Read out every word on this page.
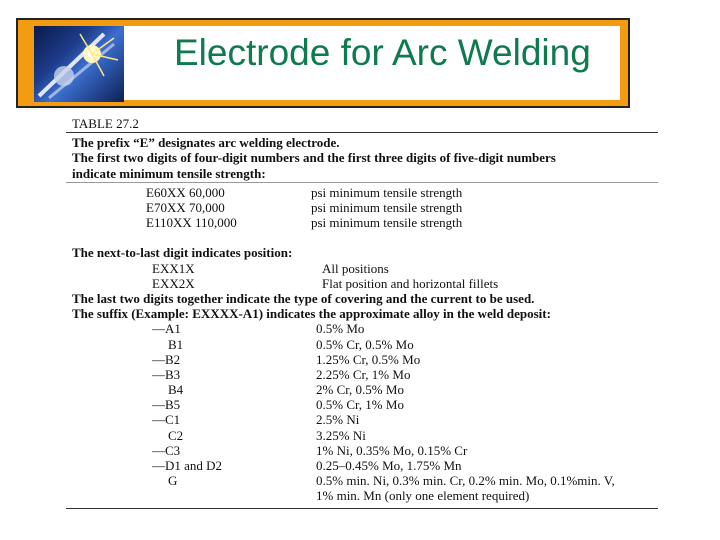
Electrode for Arc Welding
TABLE 27.2
The prefix “E” designates arc welding electrode.
The first two digits of four-digit numbers and the first three digits of five-digit numbers
indicate minimum tensile strength:
E60XX 60,000	psi minimum tensile strength
E70XX 70,000	psi minimum tensile strength
E110XX 110,000	psi minimum tensile strength
The next-to-last digit indicates position:
EXX1X	All positions
EXX2X	Flat position and horizontal fillets
The last two digits together indicate the type of covering and the current to be used.
The suffix (Example: EXXXX-A1) indicates the approximate alloy in the weld deposit:
—A1	0.5% Mo
B1	0.5% Cr, 0.5% Mo
—B2	1.25% Cr, 0.5% Mo
—B3	2.25% Cr, 1% Mo
B4	2% Cr, 0.5% Mo
—B5	0.5% Cr, 1% Mo
—C1	2.5% Ni
C2	3.25% Ni
—C3	1% Ni, 0.35% Mo, 0.15% Cr
—D1 and D2	0.25–0.45% Mo, 1.75% Mn
G	0.5% min. Ni, 0.3% min. Cr, 0.2% min. Mo, 0.1%min. V,
1% min. Mn (only one element required)
